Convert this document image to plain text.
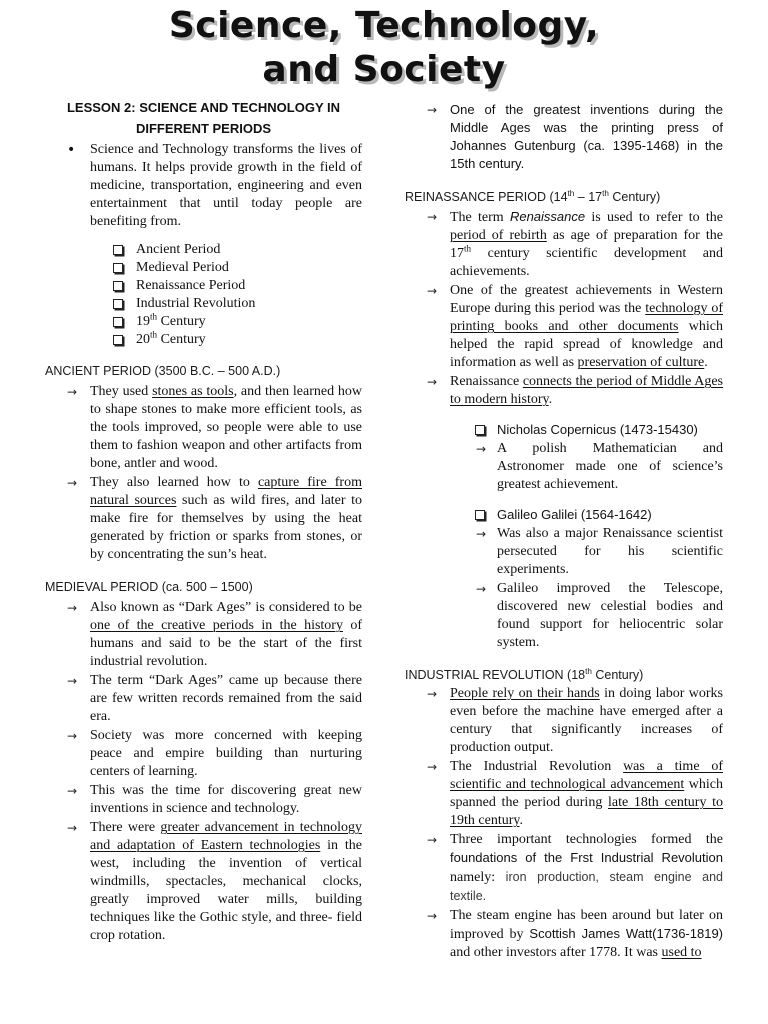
Science, Technology,
and Society
LESSON 2: SCIENCE AND TECHNOLOGY IN DIFFERENT PERIODS
• Science and Technology transforms the lives of humans. It helps provide growth in the field of medicine, transportation, engineering and even entertainment that until today people are benefiting from.

Ancient Period
Medieval Period
Renaissance Period
Industrial Revolution
19th Century
20th Century
ANCIENT PERIOD (3500 B.C. – 500 A.D.)
→ They used stones as tools, and then learned how to shape stones to make more efficient tools, as the tools improved, so people were able to use them to fashion weapon and other artifacts from bone, antler and wood.

→ They also learned how to capture fire from natural sources such as wild fires, and later to make fire for themselves by using the heat generated by friction or sparks from stones, or by concentrating the sun’s heat.

MEDIEVAL PERIOD (ca. 500 – 1500)
→ Also known as “Dark Ages” is considered to be one of the creative periods in the history of humans and said to be the start of the first industrial revolution.

→ The term “Dark Ages” came up because there are few written records remained from the said era.

→ Society was more concerned with keeping peace and empire building than nurturing centers of learning.

→ This was the time for discovering great new inventions in science and technology.

→ There were greater advancement in technology and adaptation of Eastern technologies in the west, including the invention of vertical windmills, spectacles, mechanical clocks, greatly improved water mills, building techniques like the Gothic style, and three- field crop rotation.

→ One of the greatest inventions during the Middle Ages was the printing press of Johannes Gutenburg (ca. 1395-1468) in the 15th century.

REINASSANCE PERIOD (14th – 17th Century)
→ The term Renaissance is used to refer to the period of rebirth as age of preparation for the 17th century scientific development and achievements.

→ One of the greatest achievements in Western Europe during this period was the technology of printing books and other documents which helped the rapid spread of knowledge and information as well as preservation of culture.

→ Renaissance connects the period of Middle Ages to modern history.

Nicholas Copernicus (1473-15430)
→ A polish Mathematician and Astronomer made one of science’s greatest achievement.

Galileo Galilei (1564-1642)
→ Was also a major Renaissance scientist persecuted for his scientific experiments.

→ Galileo improved the Telescope, discovered new celestial bodies and found support for heliocentric solar system.

INDUSTRIAL REVOLUTION (18th Century)
→ People rely on their hands in doing labor works even before the machine have emerged after a century that significantly increases of production output.

→ The Industrial Revolution was a time of scientific and technological advancement which spanned the period during late 18th century to 19th century.

→ Three important technologies formed the foundations of the Frst Industrial Revolution namely: iron production, steam engine and textile.

→ The steam engine has been around but later on improved by Scottish James Watt(1736-1819) and other investors after 1778. It was used to
